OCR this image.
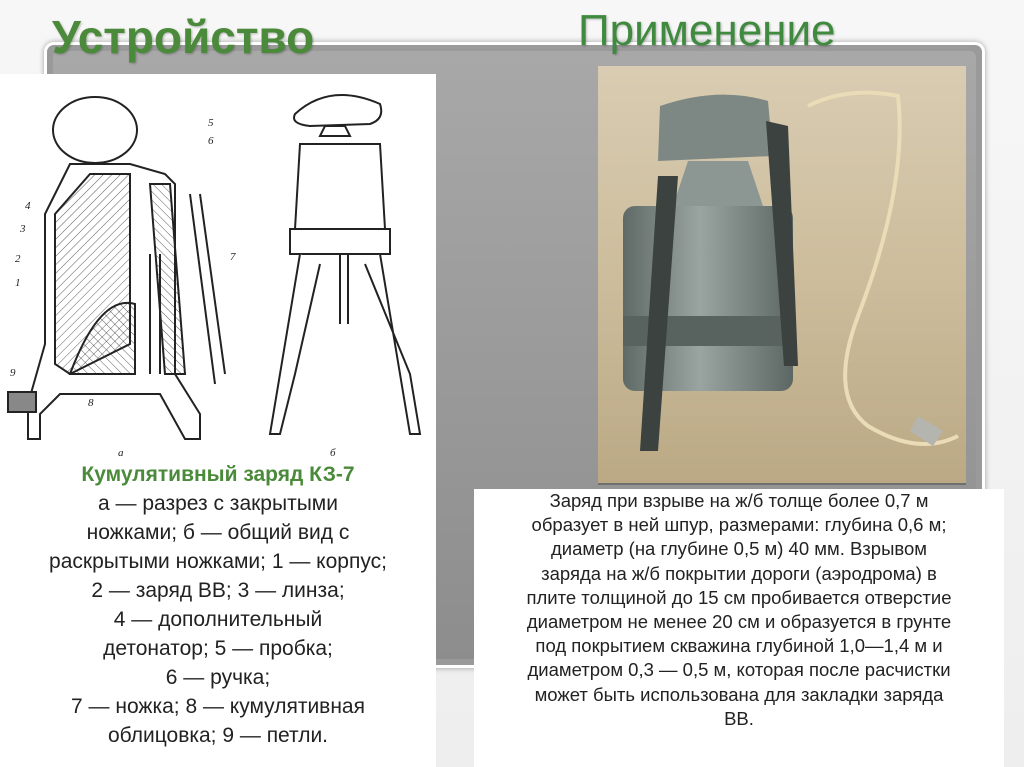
Устройство	Применение
5
6
4
3
2
1
7
9
8
а	б
Кумулятивный заряд КЗ-7
а — разрез с закрытыми
ножками; б — общий вид с
раскрытыми ножками; 1 — корпус;
2 — заряд ВВ; 3 — линза;
4 — дополнительный
детонатор; 5 — пробка;
6 — ручка;
7 — ножка; 8 — кумулятивная
облицовка; 9 — петли.
Заряд при взрыве на ж/б толще более 0,7 м
образует в ней шпур, размерами: глубина 0,6 м;
диаметр (на глубине 0,5 м) 40 мм. Взрывом
заряда на ж/б покрытии дороги (аэродрома) в
плите толщиной до 15 см пробивается отверстие
диаметром не менее 20 см и образуется в грунте
под покрытием скважина глубиной 1,0—1,4 м и
диаметром 0,3 — 0,5 м, которая после расчистки
может быть использована для закладки заряда
ВВ.
